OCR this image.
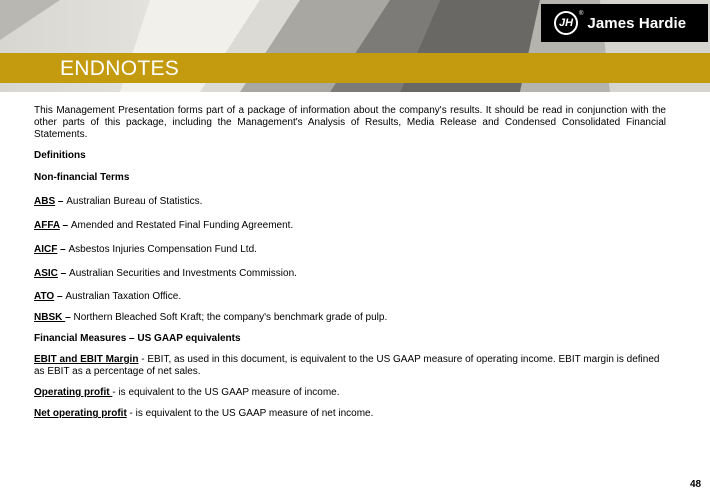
JH
®
James Hardie
ENDNOTES

This Management Presentation forms part of a package of information about the company's results. It should be read in conjunction with the other parts of this package, including the Management's Analysis of Results, Media Release and Condensed Consolidated Financial Statements.

Definitions
Non-financial Terms
ABS – Australian Bureau of Statistics.
AFFA – Amended and Restated Final Funding Agreement.
AICF – Asbestos Injuries Compensation Fund Ltd.
ASIC – Australian Securities and Investments Commission.
ATO – Australian Taxation Office.
NBSK – Northern Bleached Soft Kraft; the company's benchmark grade of pulp.
Financial Measures – US GAAP equivalents
EBIT and EBIT Margin - EBIT, as used in this document, is equivalent to the US GAAP measure of operating income. EBIT margin is defined as EBIT as a percentage of net sales.
Operating profit - is equivalent to the US GAAP measure of income.
Net operating profit - is equivalent to the US GAAP measure of net income.
48
